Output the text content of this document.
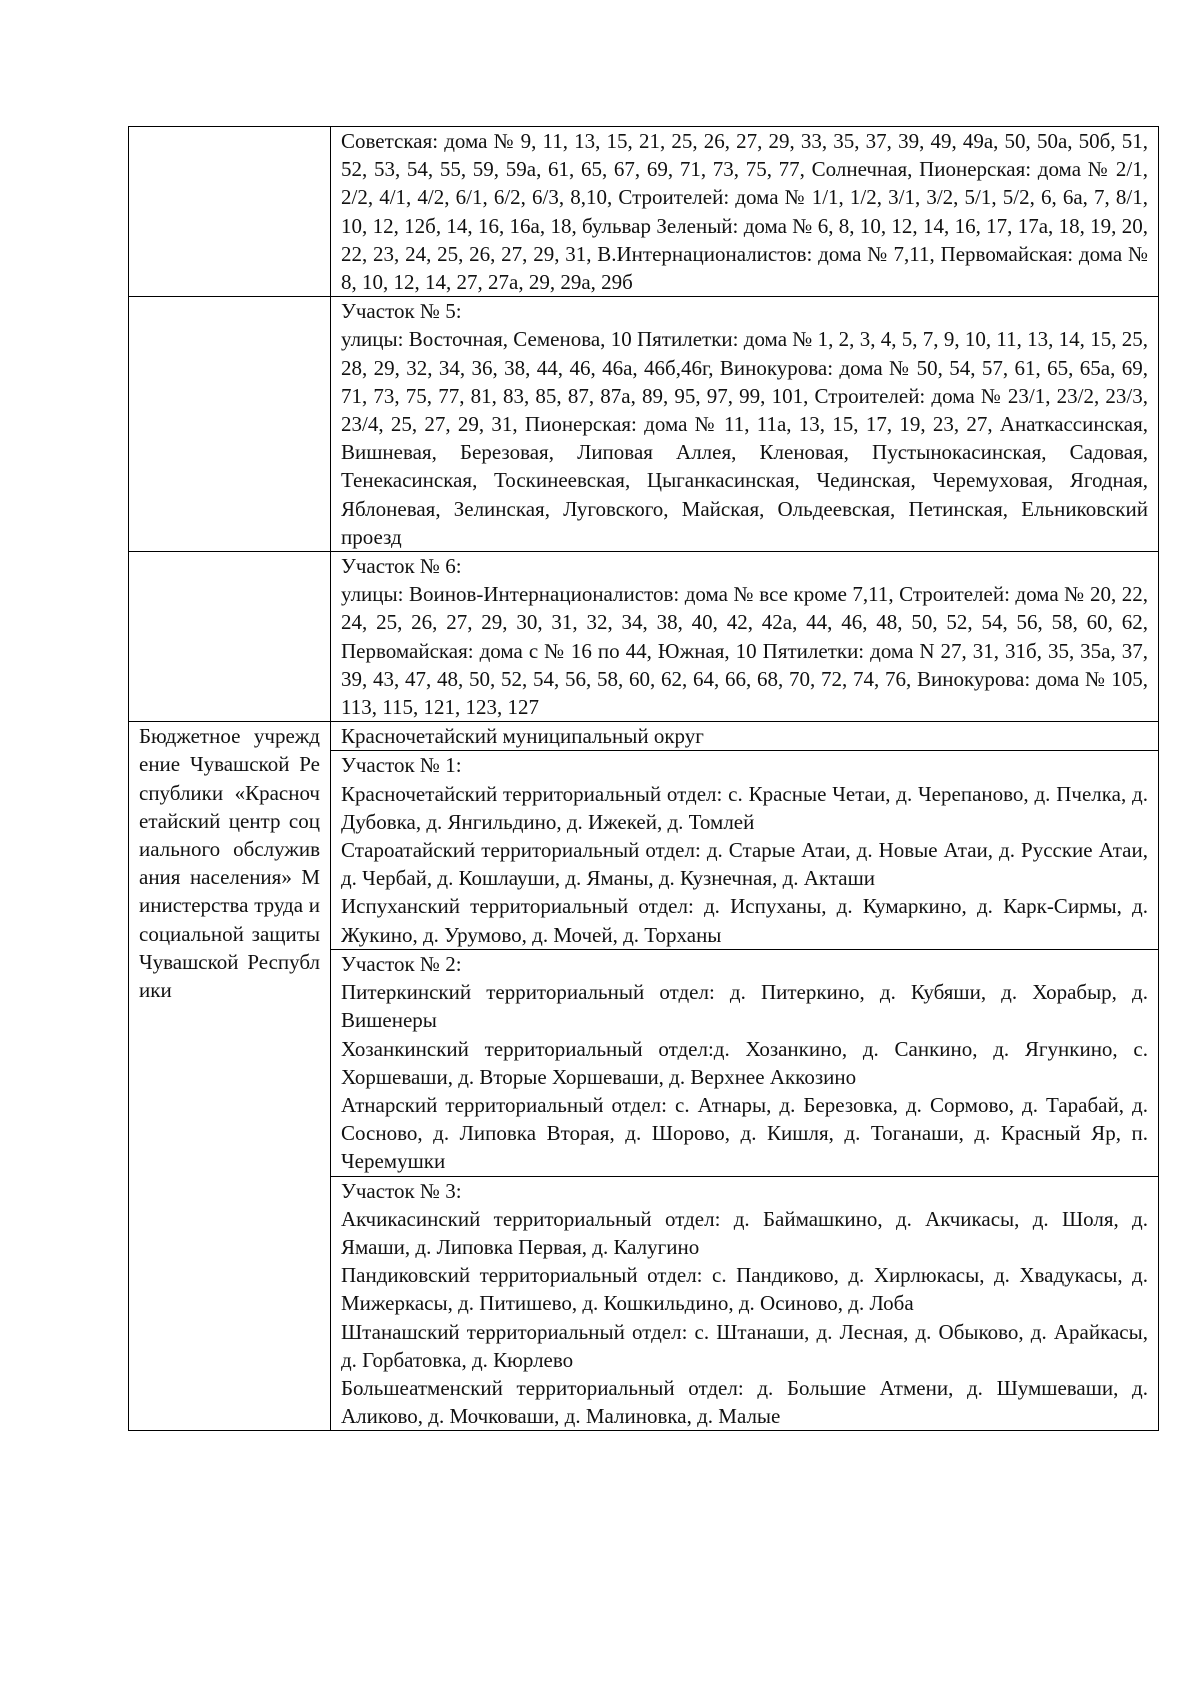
	Советская: дома № 9, 11, 13, 15, 21, 25, 26, 27, 29, 33, 35, 37, 39, 49, 49а, 50, 50а, 50б, 51, 52, 53, 54, 55, 59, 59а, 61, 65, 67, 69, 71, 73, 75, 77, Солнечная, Пионерская: дома № 2/1, 2/2, 4/1, 4/2, 6/1, 6/2, 6/3, 8,10, Строителей: дома № 1/1, 1/2, 3/1, 3/2, 5/1, 5/2, 6, 6а, 7, 8/1, 10, 12, 12б, 14, 16, 16а, 18, бульвар Зеленый: дома № 6, 8, 10, 12, 14, 16, 17, 17а, 18, 19, 20, 22, 23, 24, 25, 26, 27, 29, 31, В.Интернационалистов: дома № 7,11, Первомайская: дома № 8, 10, 12, 14, 27, 27а, 29, 29а, 29б

	Участок № 5:
улицы: Восточная, Семенова, 10 Пятилетки: дома № 1, 2, 3, 4, 5, 7, 9, 10, 11, 13, 14, 15, 25, 28, 29, 32, 34, 36, 38, 44, 46, 46а, 46б,46г, Винокурова: дома № 50, 54, 57, 61, 65, 65а, 69, 71, 73, 75, 77, 81, 83, 85, 87, 87а, 89, 95, 97, 99, 101, Строителей: дома № 23/1, 23/2, 23/3, 23/4, 25, 27, 29, 31, Пионерская: дома № 11, 11а, 13, 15, 17, 19, 23, 27, Анаткассинская, Вишневая, Березовая, Липовая Аллея, Кленовая, Пустынокасинская, Садовая, Тенекасинская, Тоскинеевская, Цыганкасинская, Чединская, Черемуховая, Ягодная, Яблоневая, Зелинская, Луговского, Майская, Ольдеевская, Петинская, Ельниковский проезд

	Участок № 6:
улицы: Воинов-Интернационалистов: дома № все кроме 7,11, Строителей: дома № 20, 22, 24, 25, 26, 27, 29, 30, 31, 32, 34, 38, 40, 42, 42а, 44, 46, 48, 50, 52, 54, 56, 58, 60, 62, Первомайская: дома с № 16 по 44, Южная, 10 Пятилетки: дома N 27, 31, 31б, 35, 35а, 37, 39, 43, 47, 48, 50, 52, 54, 56, 58, 60, 62, 64, 66, 68, 70, 72, 74, 76, Винокурова: дома № 105, 113, 115, 121, 123, 127

Бюджетное учреждение Чувашской Республики «Красночетайский центр социального обслуживания населения» Министерства труда и социальной защиты Чувашской Республики	Красночетайский муниципальный округ

	Участок № 1:
Красночетайский территориальный отдел: с. Красные Четаи, д. Черепаново, д. Пчелка, д. Дубовка, д. Янгильдино, д. Ижекей, д. Томлей
Староатайский территориальный отдел: д. Старые Атаи, д. Новые Атаи, д. Русские Атаи, д. Чербай, д. Кошлауши, д. Яманы, д. Кузнечная, д. Акташи
Испуханский территориальный отдел: д. Испуханы, д. Кумаркино, д. Карк-Сирмы, д. Жукино, д. Урумово, д. Мочей, д. Торханы

	Участок № 2:
Питеркинский территориальный отдел: д. Питеркино, д. Кубяши, д. Хорабыр, д. Вишенеры
Хозанкинский территориальный отдел:д. Хозанкино, д. Санкино, д. Ягункино, с. Хоршеваши, д. Вторые Хоршеваши, д. Верхнее Аккозино
Атнарский территориальный отдел: с. Атнары, д. Березовка, д. Сормово, д. Тарабай, д. Сосново, д. Липовка Вторая, д. Шорово, д. Кишля, д. Тоганаши, д. Красный Яр, п. Черемушки

	Участок № 3:
Акчикасинский территориальный отдел: д. Баймашкино, д. Акчикасы, д. Шоля, д. Ямаши, д. Липовка Первая, д. Калугино
Пандиковский территориальный отдел: с. Пандиково, д. Хирлюкасы, д. Хвадукасы, д. Мижеркасы, д. Питишево, д. Кошкильдино, д. Осиново, д. Лоба
Штанашский территориальный отдел: с. Штанаши, д. Лесная, д. Обыково, д. Арайкасы, д. Горбатовка, д. Кюрлево
Большеатменский территориальный отдел: д. Большие Атмени, д. Шумшеваши, д. Аликово, д. Мочковаши, д. Малиновка, д. Малые
